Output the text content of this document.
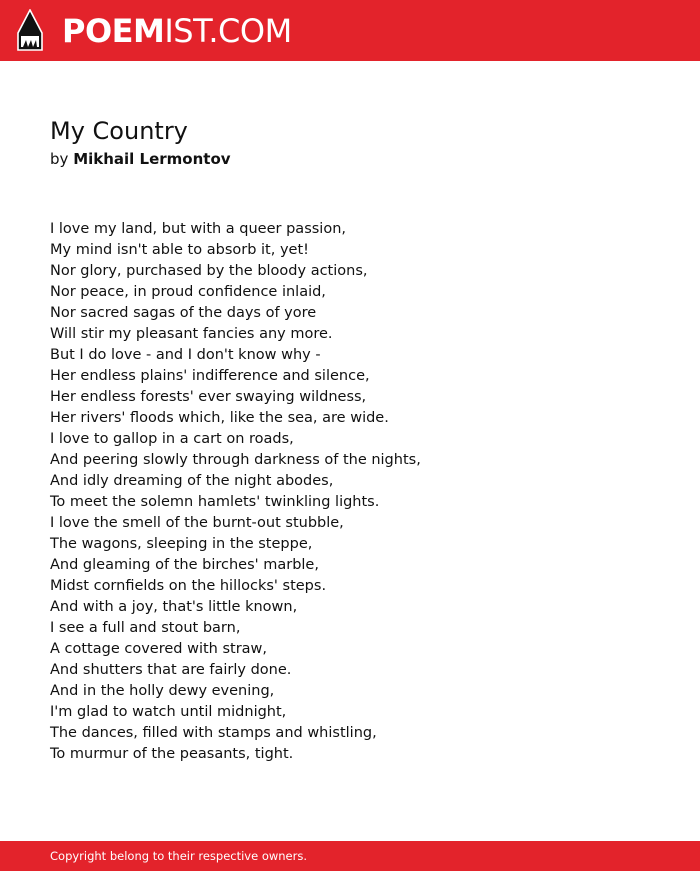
POEMIST.COM
My Country
by Mikhail Lermontov
I love my land, but with a queer passion,
My mind isn't able to absorb it, yet!
Nor glory, purchased by the bloody actions,
Nor peace, in proud confidence inlaid,
Nor sacred sagas of the days of yore
Will stir my pleasant fancies any more.
But I do love - and I don't know why -
Her endless plains' indifference and silence,
Her endless forests' ever swaying wildness,
Her rivers' floods which, like the sea, are wide.
I love to gallop in a cart on roads,
And peering slowly through darkness of the nights,
And idly dreaming of the night abodes,
To meet the solemn hamlets' twinkling lights.
I love the smell of the burnt-out stubble,
The wagons, sleeping in the steppe,
And gleaming of the birches' marble,
Midst cornfields on the hillocks' steps.
And with a joy, that's little known,
I see a full and stout barn,
A cottage covered with straw,
And shutters that are fairly done.
And in the holly dewy evening,
I'm glad to watch until midnight,
The dances, filled with stamps and whistling,
To murmur of the peasants, tight.
Copyright belong to their respective owners.
